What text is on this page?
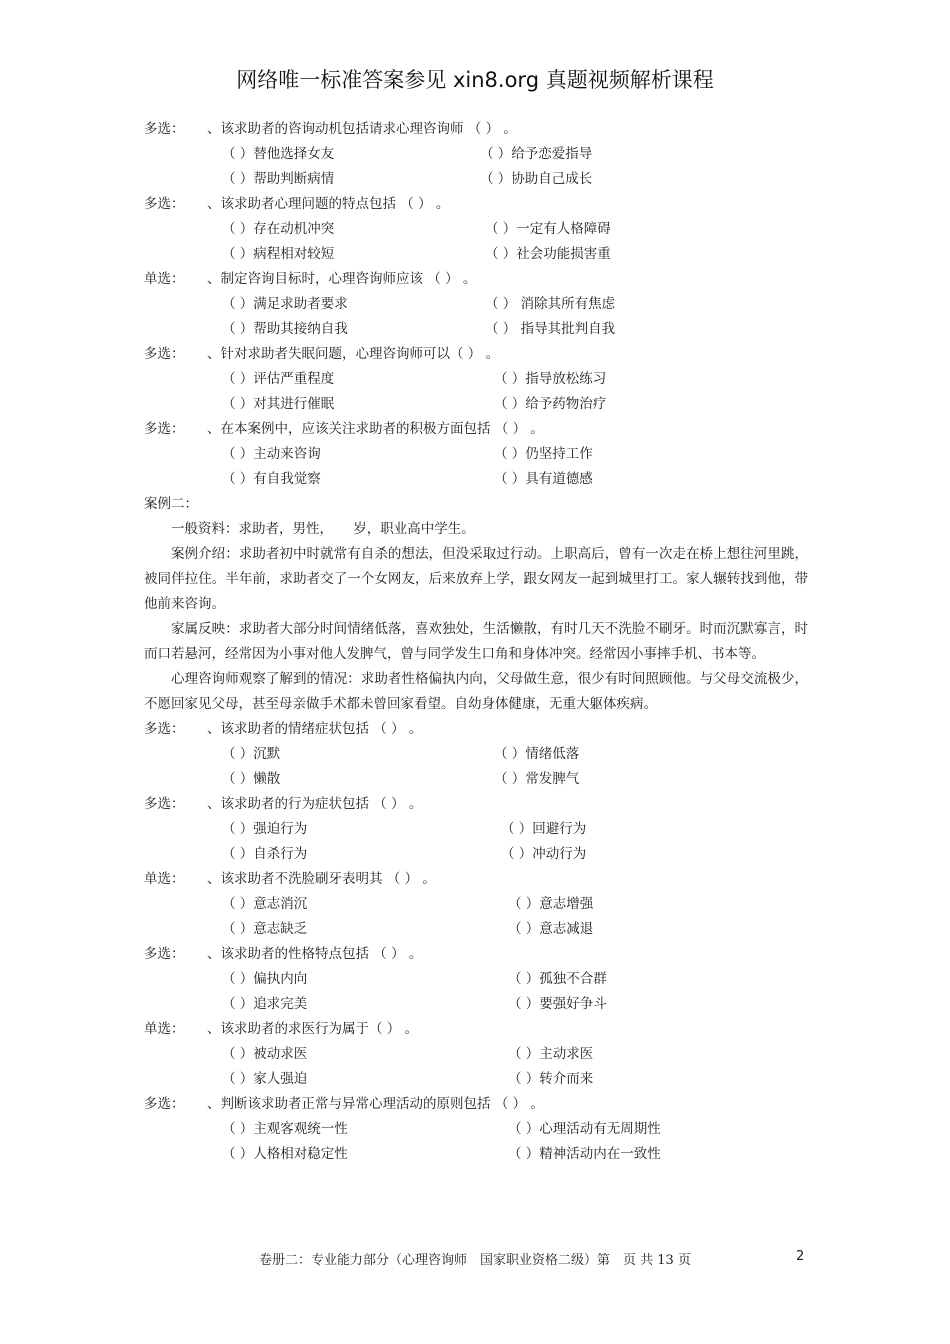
网络唯一标准答案参见 xin8.org 真题视频解析课程
多选：	、该求助者的咨询动机包括请求心理咨询师 （ ） 。
（ ）替他选择女友	（ ）给予恋爱指导
（ ）帮助判断病情	（ ）协助自己成长
多选：	、该求助者心理问题的特点包括 （ ） 。
（ ）存在动机冲突	（ ）一定有人格障碍
（ ）病程相对较短	（ ）社会功能损害重
单选：	、制定咨询目标时，心理咨询师应该 （ ） 。
（ ）满足求助者要求	（ ） 消除其所有焦虑
（ ）帮助其接纳自我	（ ） 指导其批判自我
多选：	、针对求助者失眠问题，心理咨询师可以（ ） 。
（ ）评估严重程度	（ ）指导放松练习
（ ）对其进行催眠	（ ）给予药物治疗
多选：	、在本案例中，应该关注求助者的积极方面包括 （ ） 。
（ ）主动来咨询	（ ）仍坚持工作
（ ）有自我觉察	（ ）具有道德感
案例二：
一般资料：求助者，男性，　　岁，职业高中学生。
案例介绍：求助者初中时就常有自杀的想法，但没采取过行动。上职高后，曾有一次走在桥上想往河里跳，被同伴拉住。半年前，求助者交了一个女网友，后来放弃上学，跟女网友一起到城里打工。家人辗转找到他，带他前来咨询。
家属反映：求助者大部分时间情绪低落，喜欢独处，生活懒散，有时几天不洗脸不刷牙。时而沉默寡言，时而口若悬河，经常因为小事对他人发脾气，曾与同学发生口角和身体冲突。经常因小事摔手机、书本等。
心理咨询师观察了解到的情况：求助者性格偏执内向，父母做生意，很少有时间照顾他。与父母交流极少，不愿回家见父母，甚至母亲做手术都未曾回家看望。自幼身体健康，无重大躯体疾病。
多选：	、该求助者的情绪症状包括 （ ） 。
（ ）沉默	（ ）情绪低落
（ ）懒散	（ ）常发脾气
多选：	、该求助者的行为症状包括 （ ） 。
（ ）强迫行为	（ ）回避行为
（ ）自杀行为	（ ）冲动行为
单选：	、该求助者不洗脸刷牙表明其 （ ） 。
（ ）意志消沉	（ ）意志增强
（ ）意志缺乏	（ ）意志减退
多选：	、该求助者的性格特点包括 （ ） 。
（ ）偏执内向	（ ）孤独不合群
（ ）追求完美	（ ）要强好争斗
单选：	、该求助者的求医行为属于（ ） 。
（ ）被动求医	（ ）主动求医
（ ）家人强迫	（ ）转介而来
多选：	、判断该求助者正常与异常心理活动的原则包括 （ ） 。
（ ）主观客观统一性	（ ）心理活动有无周期性
（ ）人格相对稳定性	（ ）精神活动内在一致性
卷册二：专业能力部分（心理咨询师　国家职业资格二级）第　页 共 13 页	2
